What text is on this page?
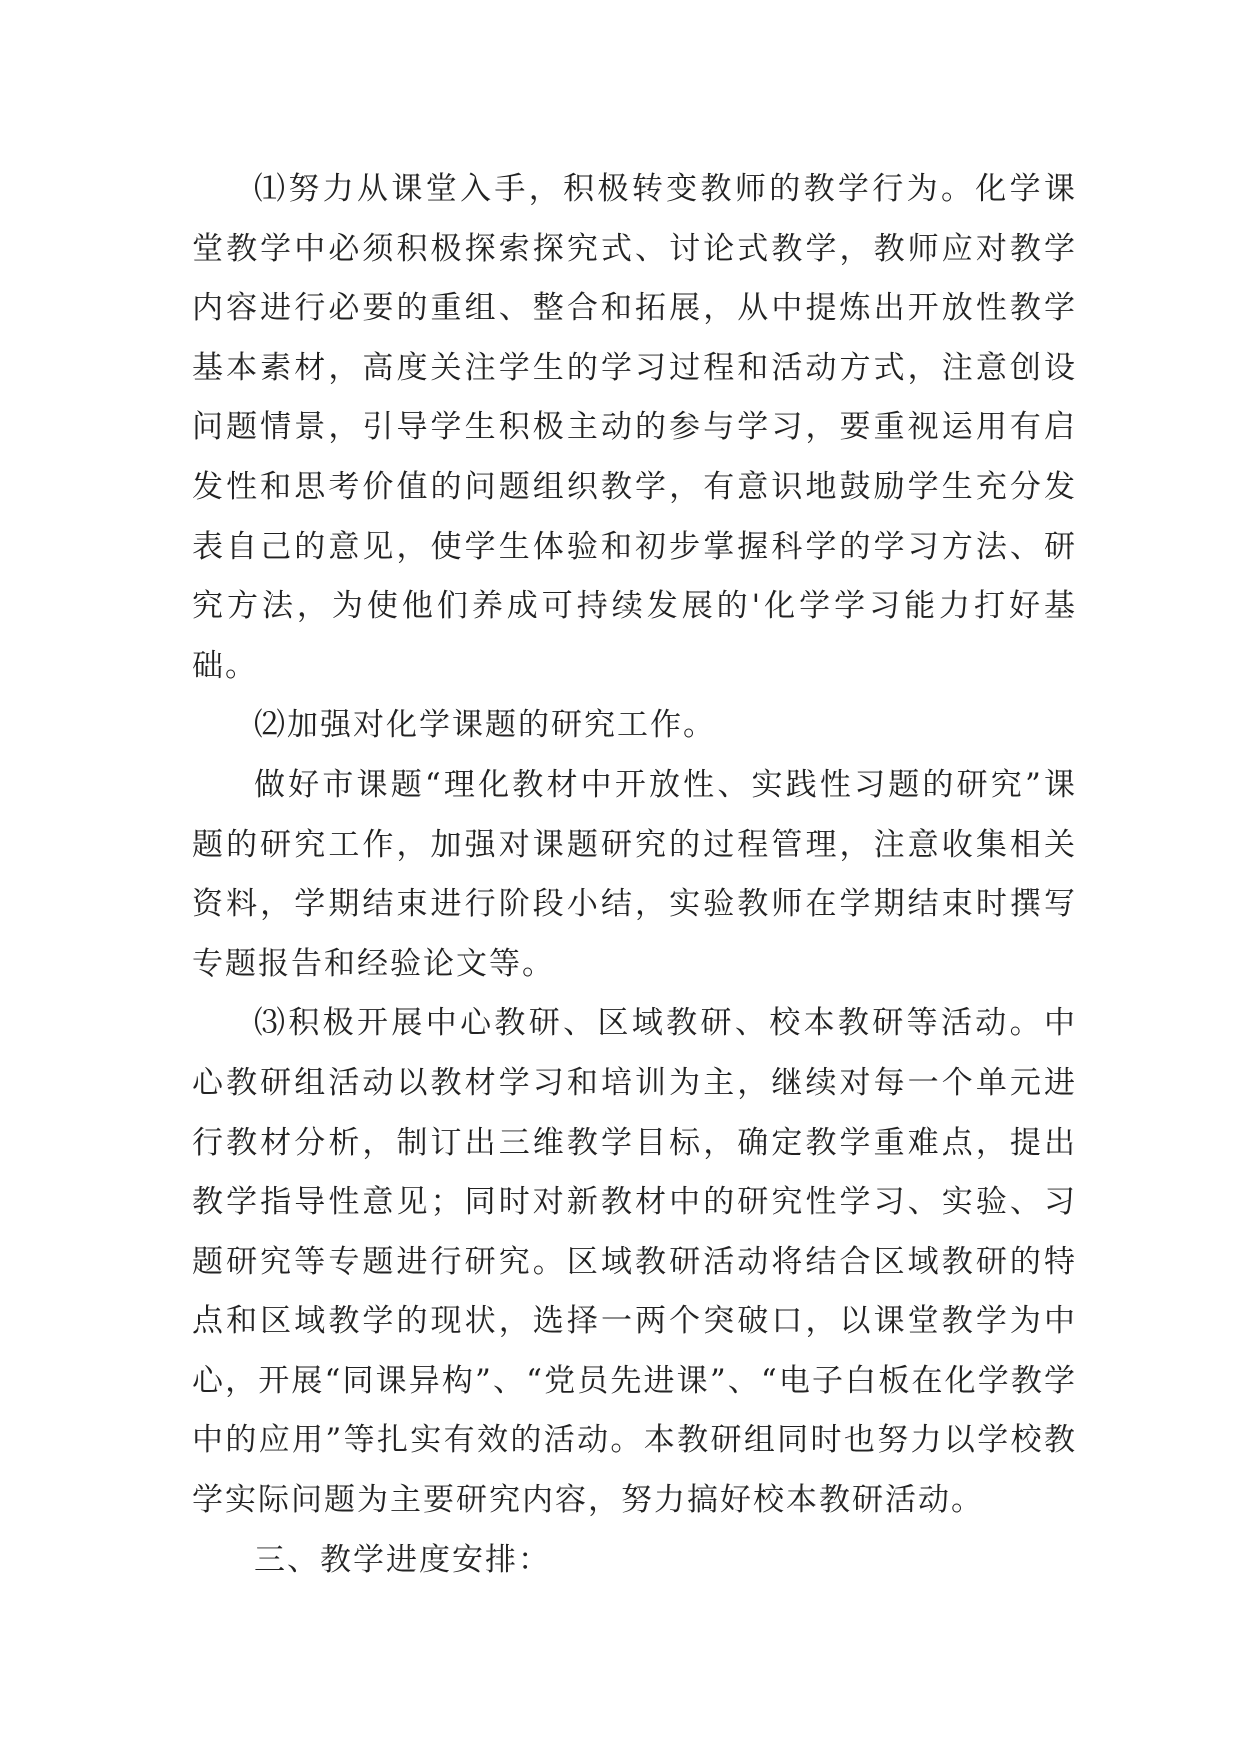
⑴努力从课堂入手，积极转变教师的教学行为。化学课堂教学中必须积极探索探究式、讨论式教学，教师应对教学内容进行必要的重组、整合和拓展，从中提炼出开放性教学基本素材，高度关注学生的学习过程和活动方式，注意创设问题情景，引导学生积极主动的参与学习，要重视运用有启发性和思考价值的问题组织教学，有意识地鼓励学生充分发表自己的意见，使学生体验和初步掌握科学的学习方法、研究方法，为使他们养成可持续发展的'化学学习能力打好基础。

⑵加强对化学课题的研究工作。

做好市课题“理化教材中开放性、实践性习题的研究”课题的研究工作，加强对课题研究的过程管理，注意收集相关资料，学期结束进行阶段小结，实验教师在学期结束时撰写专题报告和经验论文等。

⑶积极开展中心教研、区域教研、校本教研等活动。中心教研组活动以教材学习和培训为主，继续对每一个单元进行教材分析，制订出三维教学目标，确定教学重难点，提出教学指导性意见；同时对新教材中的研究性学习、实验、习题研究等专题进行研究。区域教研活动将结合区域教研的特点和区域教学的现状，选择一两个突破口，以课堂教学为中心，开展“同课异构”、“党员先进课”、“电子白板在化学教学中的应用”等扎实有效的活动。本教研组同时也努力以学校教学实际问题为主要研究内容，努力搞好校本教研活动。

三、教学进度安排：
